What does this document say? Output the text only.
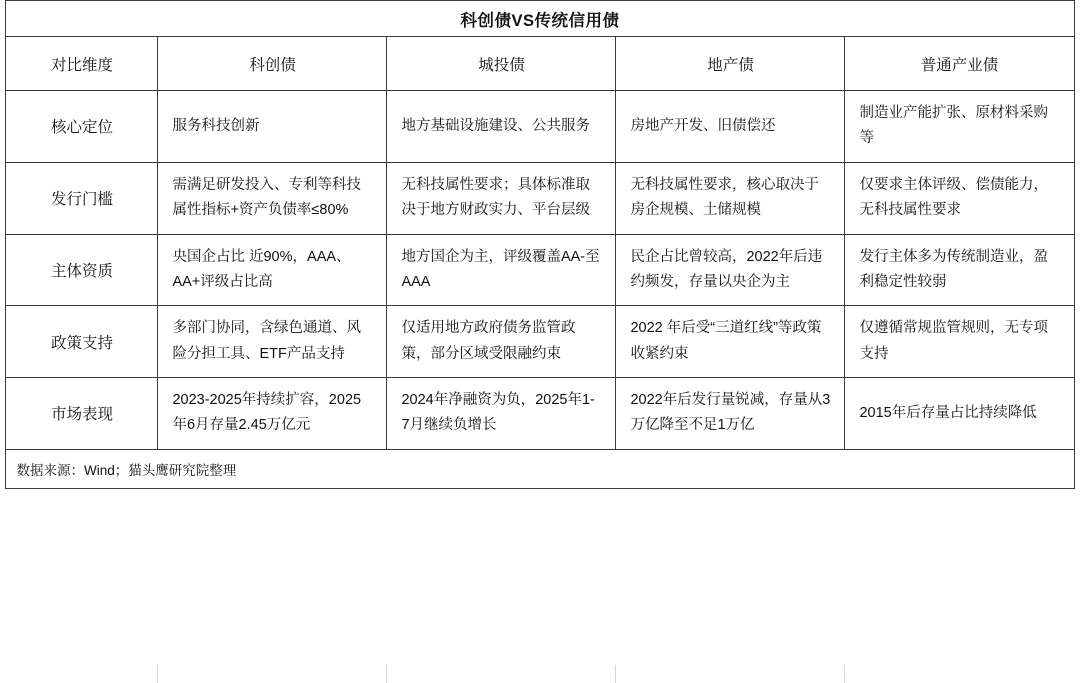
科创债VS传统信用债				
对比维度	科创债	城投债	地产债	普通产业债
核心定位	服务科技创新	地方基础设施建设、公共服务	房地产开发、旧债偿还	制造业产能扩张、原材料采购等
发行门槛	需满足研发投入、专利等科技属性指标+资产负债率≤80%	无科技属性要求；具体标准取决于地方财政实力、平台层级	无科技属性要求，核心取决于房企规模、土储规模	仅要求主体评级、偿债能力，无科技属性要求
主体资质	央国企占比 近90%，AAA、AA+评级占比高	地方国企为主，评级覆盖AA-至AAA	民企占比曾较高，2022年后违约频发，存量以央企为主	发行主体多为传统制造业，盈利稳定性较弱
政策支持	多部门协同，含绿色通道、风险分担工具、ETF产品支持	仅适用地方政府债务监管政策，部分区域受限融约束	2022 年后受“三道红线”等政策收紧约束	仅遵循常规监管规则，无专项支持
市场表现	2023-2025年持续扩容，2025年6月存量2.45万亿元	2024年净融资为负，2025年1-7月继续负增长	2022年后发行量锐减，存量从3万亿降至不足1万亿	2015年后存量占比持续降低
数据来源：Wind；猫头鹰研究院整理				
